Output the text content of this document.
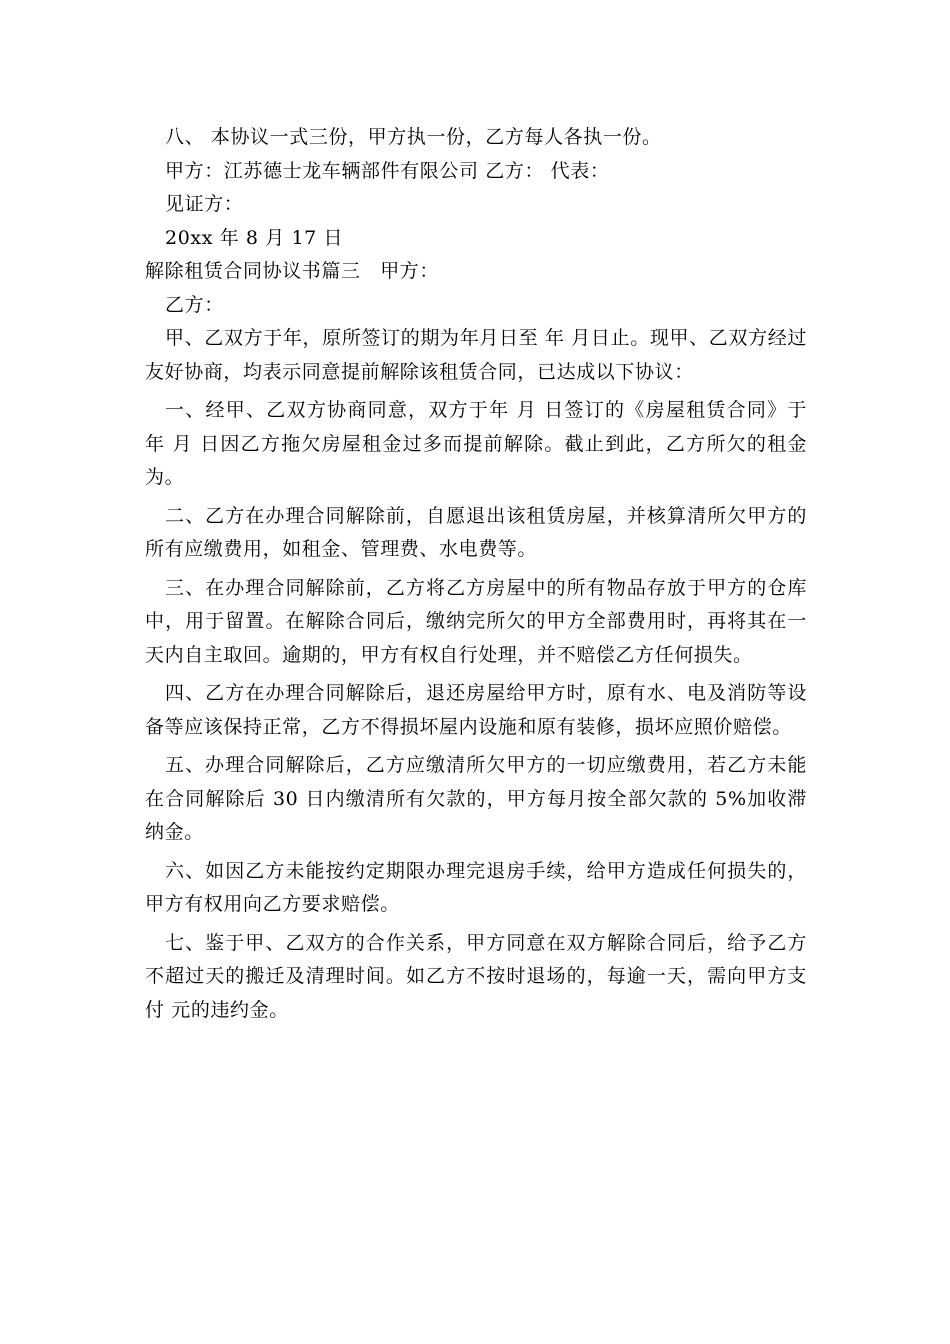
八、 本协议一式三份，甲方执一份，乙方每人各执一份。

甲方：江苏德士龙车辆部件有限公司 乙方： 代表：

见证方：

20xx 年 8 月 17 日

解除租赁合同协议书篇三　甲方：

乙方：

甲、乙双方于年，原所签订的期为年月日至 年 月日止。现甲、乙双方经过友好协商，均表示同意提前解除该租赁合同，已达成以下协议：

一、经甲、乙双方协商同意，双方于年 月 日签订的《房屋租赁合同》于 年 月 日因乙方拖欠房屋租金过多而提前解除。截止到此，乙方所欠的租金为。

二、乙方在办理合同解除前，自愿退出该租赁房屋，并核算清所欠甲方的所有应缴费用，如租金、管理费、水电费等。

三、在办理合同解除前，乙方将乙方房屋中的所有物品存放于甲方的仓库中，用于留置。在解除合同后，缴纳完所欠的甲方全部费用时，再将其在一天内自主取回。逾期的，甲方有权自行处理，并不赔偿乙方任何损失。

四、乙方在办理合同解除后，退还房屋给甲方时，原有水、电及消防等设备等应该保持正常，乙方不得损坏屋内设施和原有装修，损坏应照价赔偿。

五、办理合同解除后，乙方应缴清所欠甲方的一切应缴费用，若乙方未能在合同解除后 30 日内缴清所有欠款的，甲方每月按全部欠款的 5%加收滞纳金。

六、如因乙方未能按约定期限办理完退房手续，给甲方造成任何损失的，甲方有权用向乙方要求赔偿。

七、鉴于甲、乙双方的合作关系，甲方同意在双方解除合同后，给予乙方不超过天的搬迁及清理时间。如乙方不按时退场的，每逾一天，需向甲方支付 元的违约金。
